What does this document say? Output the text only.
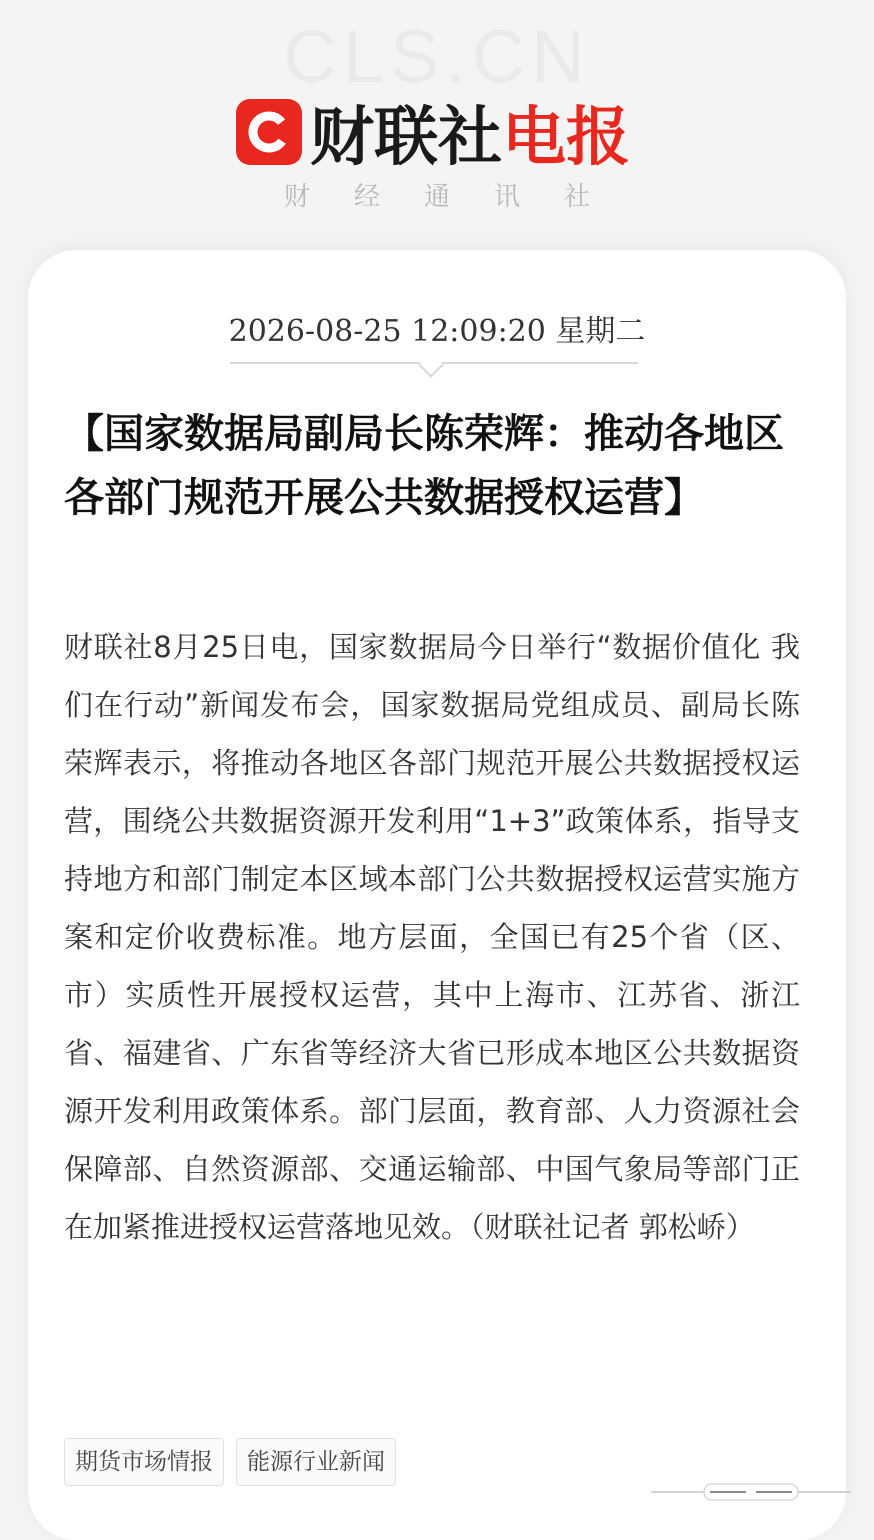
CLS.CN
财联社电报
财经通讯社
2026-08-25 12:09:20 星期二
【国家数据局副局长陈荣辉：推动各地区各部门规范开展公共数据授权运营】
财联社8月25日电，国家数据局今日举行“数据价值化 我们在行动”新闻发布会，国家数据局党组成员、副局长陈荣辉表示，将推动各地区各部门规范开展公共数据授权运营，围绕公共数据资源开发利用“1+3”政策体系，指导支持地方和部门制定本区域本部门公共数据授权运营实施方案和定价收费标准。地方层面，全国已有25个省（区、市）实质性开展授权运营，其中上海市、江苏省、浙江省、福建省、广东省等经济大省已形成本地区公共数据资源开发利用政策体系。部门层面，教育部、人力资源社会保障部、自然资源部、交通运输部、中国气象局等部门正在加紧推进授权运营落地见效。（财联社记者 郭松峤）
期货市场情报	能源行业新闻
